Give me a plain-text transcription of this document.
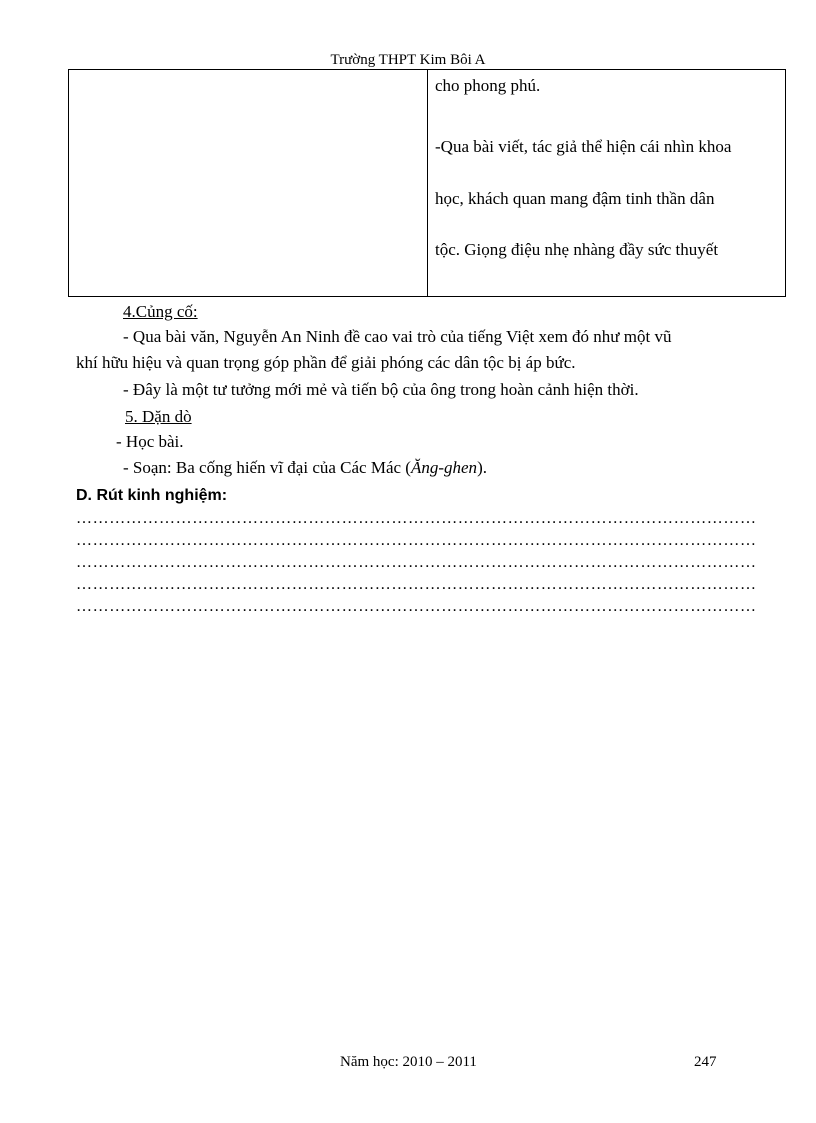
Trường THPT Kim Bôi A
cho phong phú.
-Qua bài viết, tác giả thể hiện cái nhìn khoa
học, khách quan mang đậm tinh thần dân
tộc. Giọng điệu nhẹ nhàng đầy sức thuyết
4.Củng cố:
- Qua bài văn, Nguyễn An Ninh đề cao vai trò của tiếng Việt xem đó như một vũ
khí hữu hiệu và quan trọng góp phần để giải phóng các dân tộc bị áp bức.
- Đây là một tư tưởng mới mẻ và tiến bộ của ông trong hoàn cảnh hiện thời.
5. Dặn dò
- Học bài.
- Soạn: Ba cống hiến vĩ đại của Các Mác (Ăng-ghen).
D. Rút kinh nghiệm:
……………………………………………………………………………………………………………
……………………………………………………………………………………………………………
……………………………………………………………………………………………………………
……………………………………………………………………………………………………………
……………………………………………………………………………………………………………
Năm học: 2010 – 2011	247
